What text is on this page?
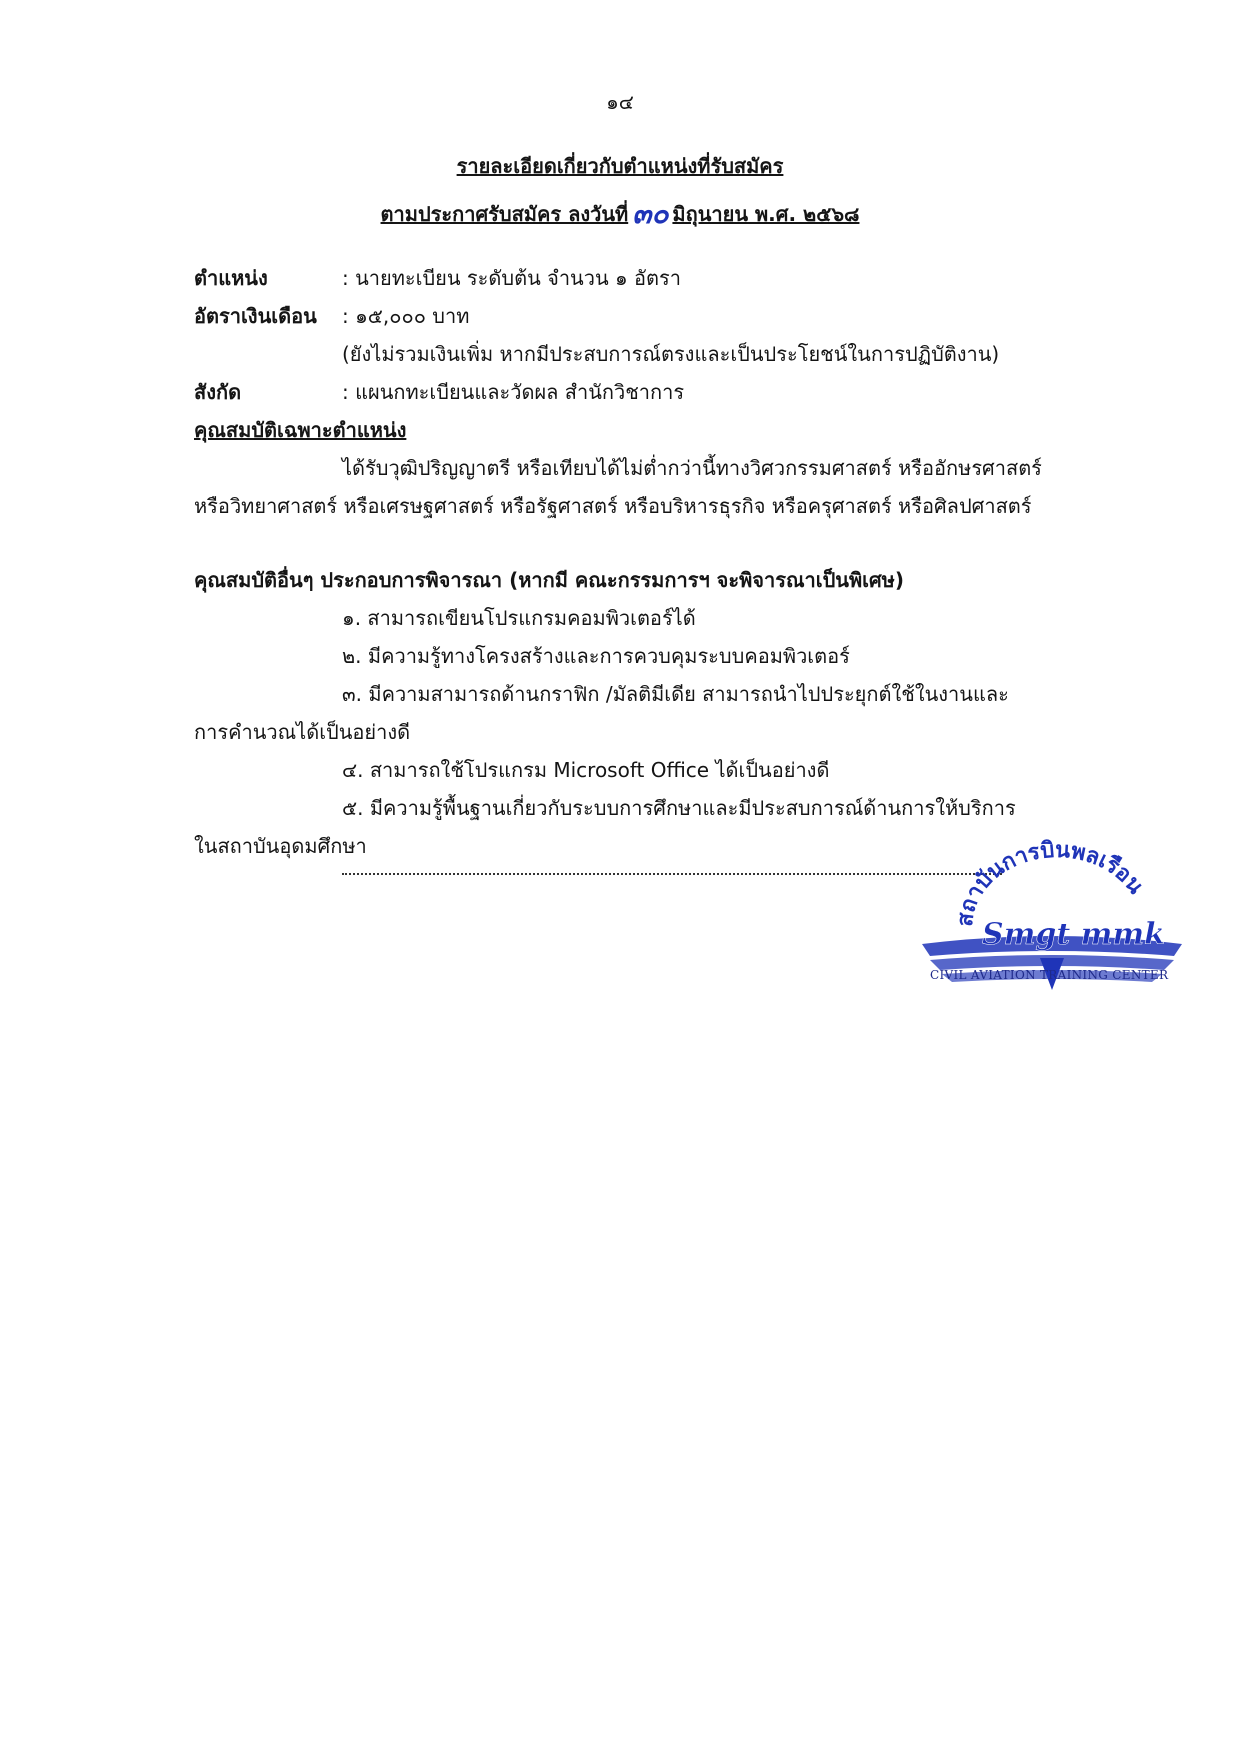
๑๔
รายละเอียดเกี่ยวกับตำแหน่งที่รับสมัคร
ตามประกาศรับสมัคร ลงวันที่ ๓๐ มิถุนายน พ.ศ. ๒๕๖๘
ตำแหน่ง	: นายทะเบียน ระดับต้น จำนวน ๑ อัตรา
อัตราเงินเดือน : ๑๕,๐๐๐ บาท
(ยังไม่รวมเงินเพิ่ม หากมีประสบการณ์ตรงและเป็นประโยชน์ในการปฏิบัติงาน)
สังกัด	: แผนกทะเบียนและวัดผล สำนักวิชาการ
คุณสมบัติเฉพาะตำแหน่ง
ได้รับวุฒิปริญญาตรี หรือเทียบได้ไม่ต่ำกว่านี้ทางวิศวกรรมศาสตร์ หรืออักษรศาสตร์
หรือวิทยาศาสตร์ หรือเศรษฐศาสตร์ หรือรัฐศาสตร์ หรือบริหารธุรกิจ หรือครุศาสตร์ หรือศิลปศาสตร์
คุณสมบัติอื่นๆ ประกอบการพิจารณา (หากมี คณะกรรมการฯ จะพิจารณาเป็นพิเศษ)
๑. สามารถเขียนโปรแกรมคอมพิวเตอร์ได้
๒. มีความรู้ทางโครงสร้างและการควบคุมระบบคอมพิวเตอร์
๓. มีความสามารถด้านกราฟิก /มัลติมีเดีย สามารถนำไปประยุกต์ใช้ในงานและ
การคำนวณได้เป็นอย่างดี
๔. สามารถใช้โปรแกรม Microsoft Office ได้เป็นอย่างดี
๕. มีความรู้พื้นฐานเกี่ยวกับระบบการศึกษาและมีประสบการณ์ด้านการให้บริการ
ในสถาบันอุดมศึกษา
สถาบันการบินพลเรือน
Smgt mmk
CIVIL AVIATION TRAINING CENTER
